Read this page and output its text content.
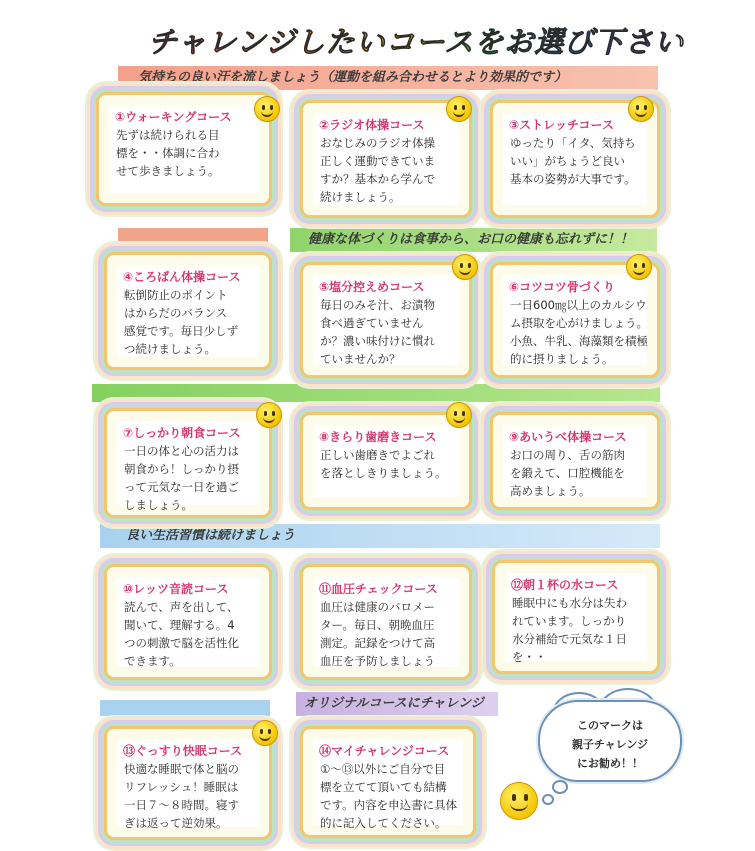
チャレンジしたいコースをお選び下さい
気持ちの良い汗を流しましょう（運動を組み合わせるとより効果的です）
健康な体づくりは食事から、お口の健康も忘れずに！！
良い生活習慣は続けましょう
オリジナルコースにチャレンジ
①ウォーキングコース
先ずは続けられる目
標を・・体調に合わ
せて歩きましょう。
②ラジオ体操コース
おなじみのラジオ体操
正しく運動できていま
すか？基本から学んで
続けましょう。
③ストレッチコース
ゆったり「イタ、気持ち
いい」がちょうど良い
基本の姿勢が大事です。
④ころばん体操コース
転倒防止のポイント
はからだのバランス
感覚です。毎日少しず
つ続けましょう。
⑤塩分控えめコース
毎日のみそ汁、お漬物
食べ過ぎていません
か？濃い味付けに慣れ
ていませんか？
⑥コツコツ骨づくり
一日600㎎以上のカルシウ
ム摂取を心がけましょう。
小魚、牛乳、海藻類を積極
的に摂りましょう。
⑦しっかり朝食コース
一日の体と心の活力は
朝食から！しっかり摂
って元気な一日を過ご
しましょう。
⑧きらり歯磨きコース
正しい歯磨きでよごれ
を落としきりましょう。
⑨あいうべ体操コース
お口の周り、舌の筋肉
を鍛えて、口腔機能を
高めましょう。
⑩レッツ音読コース
読んで、声を出して、
聞いて、理解する。4
つの刺激で脳を活性化
できます。
⑪血圧チェックコース
血圧は健康のバロメー
ター。毎日、朝晩血圧
測定。記録をつけて高
血圧を予防しましょう
⑫朝１杯の水コース
睡眠中にも水分は失わ
れています。しっかり
水分補給で元気な１日
を・・
⑬ぐっすり快眠コース
快適な睡眠で体と脳の
リフレッシュ！睡眠は
一日７～８時間。寝す
ぎは返って逆効果。
⑭マイチャレンジコース
①～⑬以外にご自分で目
標を立てて頂いても結構
です。内容を申込書に具体
的に記入してください。
このマークは
親子チャレンジ
にお勧め！！
